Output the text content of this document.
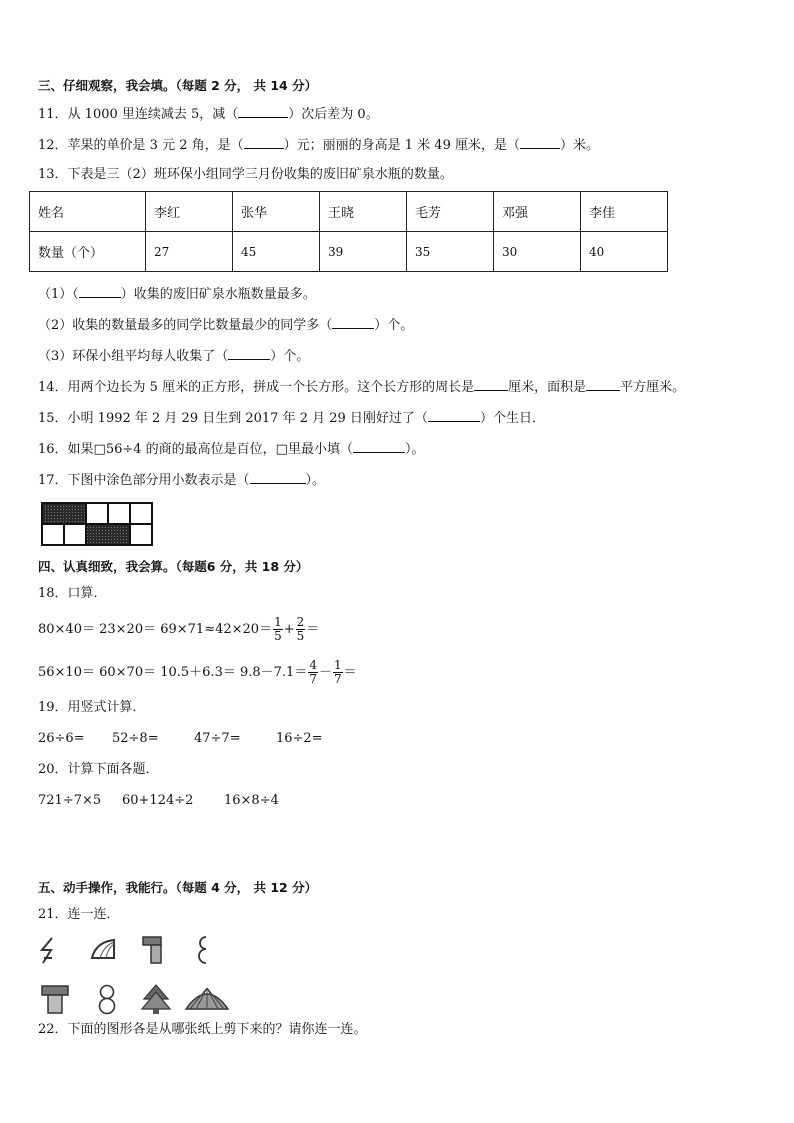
三、仔细观察，我会填。（每题 2 分， 共 14 分）
11．从 1000 里连续减去 5，减（	）次后差为 0。
12．苹果的单价是 3 元 2 角，是（	）元；丽丽的身高是 1 米 49 厘米，是（	）米。
13．下表是三（2）班环保小组同学三月份收集的废旧矿泉水瓶的数量。
姓名	李红	张华	王晓	毛芳	邓强	李佳
数量（个）	27	45	39	35	30	40
（1）（	）收集的废旧矿泉水瓶数量最多。
（2）收集的数量最多的同学比数量最少的同学多（	）个。
（3）环保小组平均每人收集了（	）个。
14．用两个边长为 5 厘米的正方形，拼成一个长方形。这个长方形的周长是	厘米，面积是	平方厘米。
15．小明 1992 年 2 月 29 日生到 2017 年 2 月 29 日刚好过了（	）个生日．
16．如果□56÷4 的商的最高位是百位，□里最小填（	）。
17．下图中涂色部分用小数表示是（	）。
四、认真细致，我会算。（每题6 分，共 18 分）
18．口算．
$80\times 40= 23\times 20= 69\times 71\approx 42\times 20= \frac{1}{5} + \frac{2}{5}$ ＝
$56\times 10= 60\times 70= 10.5+6.3= 9.8-7.1= \frac{4}{7} - \frac{1}{7}$ ＝
19．用竖式计算．
26÷6= 52÷8=	47÷7=	16÷2=
20．计算下面各题．
721÷7×5 60+124÷2 16×8÷4
五、动手操作，我能行。（每题 4 分， 共 12 分）
21．连一连．
22．下面的图形各是从哪张纸上剪下来的？请你连一连。
